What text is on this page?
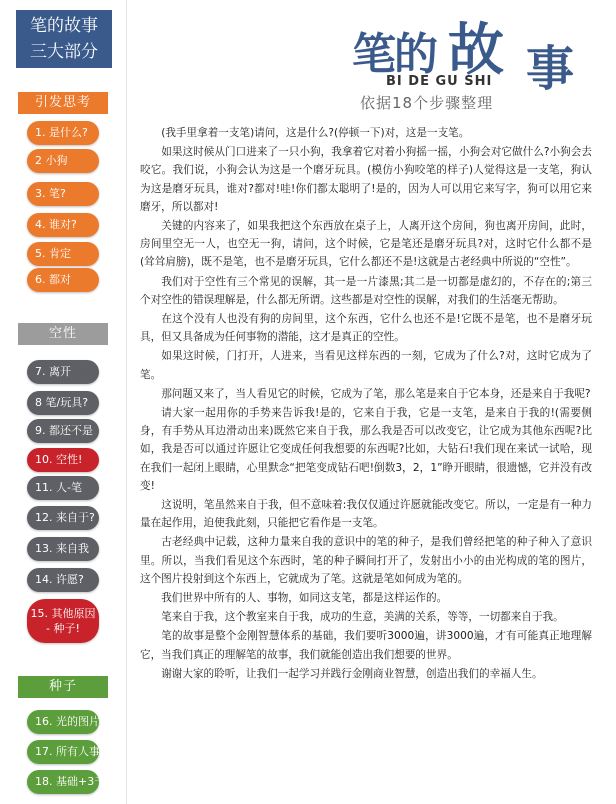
笔的故事
三大部分
引发思考
1. 是什么?
2 小狗
3. 笔?
4. 谁对?
5. 肯定
6. 都对
空性
7. 离开
8 笔/玩具?
9. 都还不是
10. 空性!
11. 人-笔
12. 来自于?
13. 来自我
14. 许愿?
15. 其他原因 - 种子!
种子
16. 光的图片
17. 所有人事物
18. 基础+3千次
笔的 故 事
BI DE GU SHI
依据18个步骤整理

(我手里拿着一支笔)请问，这是什么?(停顿一下)对，这是一支笔。

如果这时候从门口进来了一只小狗，我拿着它对着小狗摇一摇，小狗会对它做什么?小狗会去咬它。我们说，小狗会认为这是一个磨牙玩具。(模仿小狗咬笔的样子)人觉得这是一支笔，狗认为这是磨牙玩具，谁对?都对!哇!你们都太聪明了!是的，因为人可以用它来写字，狗可以用它来磨牙，所以都对!

关键的内容来了，如果我把这个东西放在桌子上，人离开这个房间，狗也离开房间，此时，房间里空无一人，也空无一狗，请问，这个时候，它是笔还是磨牙玩具?对，这时它什么都不是(耸耸肩膀)，既不是笔，也不是磨牙玩具，它什么都还不是!这就是古老经典中所说的“空性”。

我们对于空性有三个常见的误解，其一是一片漆黑;其二是一切都是虚幻的，不存在的;第三个对空性的错误理解是，什么都无所谓。这些都是对空性的误解，对我们的生活毫无帮助。

在这个没有人也没有狗的房间里，这个东西，它什么也还不是!它既不是笔，也不是磨牙玩具，但又具备成为任何事物的潜能，这才是真正的空性。

如果这时候，门打开，人进来，当看见这样东西的一刻，它成为了什么?对，这时它成为了笔。

那问题又来了，当人看见它的时候，它成为了笔，那么笔是来自于它本身，还是来自于我呢?

请大家一起用你的手势来告诉我!是的，它来自于我，它是一支笔，是来自于我的!(需要侧身，有手势从耳边滑动出来)既然它来自于我，那么我是否可以改变它，让它成为其他东西呢?比如，我是否可以通过许愿让它变成任何我想要的东西呢?比如，大钻石!我们现在来试一试哈，现在我们一起闭上眼睛，心里默念“把笔变成钻石吧!倒数3，2，1”睁开眼睛，很遗憾，它并没有改变!

这说明，笔虽然来自于我，但不意味着:我仅仅通过许愿就能改变它。所以，一定是有一种力量在起作用，迫使我此刻，只能把它看作是一支笔。

古老经典中记载，这种力量来自我的意识中的笔的种子，是我们曾经把笔的种子种入了意识里。所以，当我们看见这个东西时，笔的种子瞬间打开了，发射出小小的由光构成的笔的图片，这个图片投射到这个东西上，它就成为了笔。这就是笔如何成为笔的。

我们世界中所有的人、事物，如同这支笔，都是这样运作的。

笔来自于我，这个教室来自于我，成功的生意，美满的关系，等等，一切都来自于我。

笔的故事是整个金刚智慧体系的基础，我们要听3000遍，讲3000遍，才有可能真正地理解它，当我们真正的理解笔的故事，我们就能创造出我们想要的世界。

谢谢大家的聆听，让我们一起学习并践行金刚商业智慧，创造出我们的幸福人生。
